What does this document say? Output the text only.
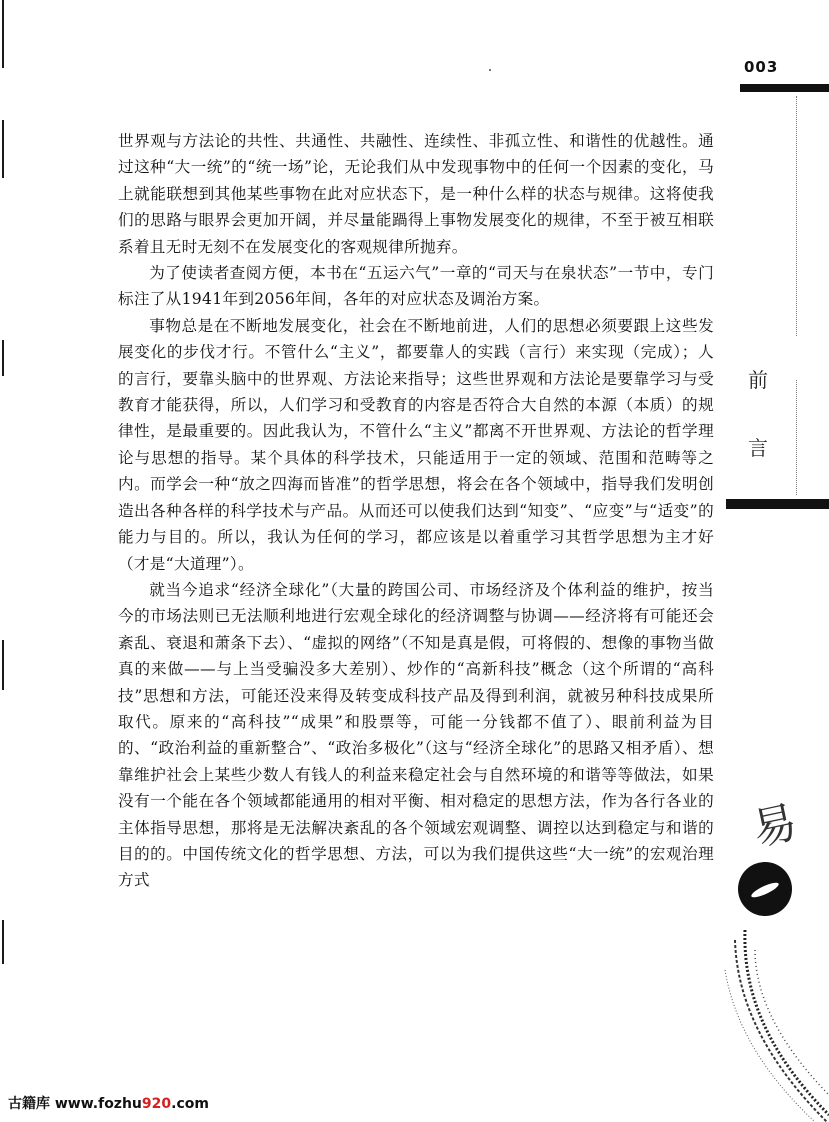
003
前
言

世界观与方法论的共性、共通性、共融性、连续性、非孤立性、和谐性的优越性。通过这种“大一统”的“统一场”论，无论我们从中发现事物中的任何一个因素的变化，马上就能联想到其他某些事物在此对应状态下，是一种什么样的状态与规律。这将使我们的思路与眼界会更加开阔，并尽量能踻得上事物发展变化的规律，不至于被互相联系着且无时无刻不在发展变化的客观规律所抛弃。

为了使读者查阅方便，本书在“五运六气”一章的“司天与在泉状态”一节中，专门标注了从1941年到2056年间，各年的对应状态及调治方案。

事物总是在不断地发展变化，社会在不断地前进，人们的思想必须要跟上这些发展变化的步伐才行。不管什么“主义”，都要靠人的实践（言行）来实现（完成）；人的言行，要靠头脑中的世界观、方法论来指导；这些世界观和方法论是要靠学习与受教育才能获得，所以，人们学习和受教育的内容是否符合大自然的本源（本质）的规律性，是最重要的。因此我认为，不管什么“主义”都离不开世界观、方法论的哲学理论与思想的指导。某个具体的科学技术，只能适用于一定的领域、范围和范畴等之内。而学会一种“放之四海而皆准”的哲学思想，将会在各个领域中，指导我们发明创造出各种各样的科学技术与产品。从而还可以使我们达到“知变”、“应变”与“适变”的能力与目的。所以，我认为任何的学习，都应该是以着重学习其哲学思想为主才好（才是“大道理”）。

就当今追求“经济全球化”（大量的跨国公司、市场经济及个体利益的维护，按当今的市场法则已无法顺利地进行宏观全球化的经济调整与协调——经济将有可能还会紊乱、衰退和萧条下去）、“虚拟的网络”（不知是真是假，可将假的、想像的事物当做真的来做——与上当受骗没多大差别）、炒作的“高新科技”概念（这个所谓的“高科技”思想和方法，可能还没来得及转变成科技产品及得到利润，就被另种科技成果所取代。原来的“高科技”“成果”和股票等，可能一分钱都不值了）、眼前利益为目的、“政治利益的重新整合”、“政治多极化”（这与“经济全球化”的思路又相矛盾）、想靠维护社会上某些少数人有钱人的利益来稳定社会与自然环境的和谐等等做法，如果没有一个能在各个领域都能通用的相对平衡、相对稳定的思想方法，作为各行各业的主体指导思想，那将是无法解决紊乱的各个领域宏观调整、调控以达到稳定与和谐的目的的。中国传统文化的哲学思想、方法，可以为我们提供这些“大一统”的宏观治理方式

易
古籍库 www.fozhu920.com
